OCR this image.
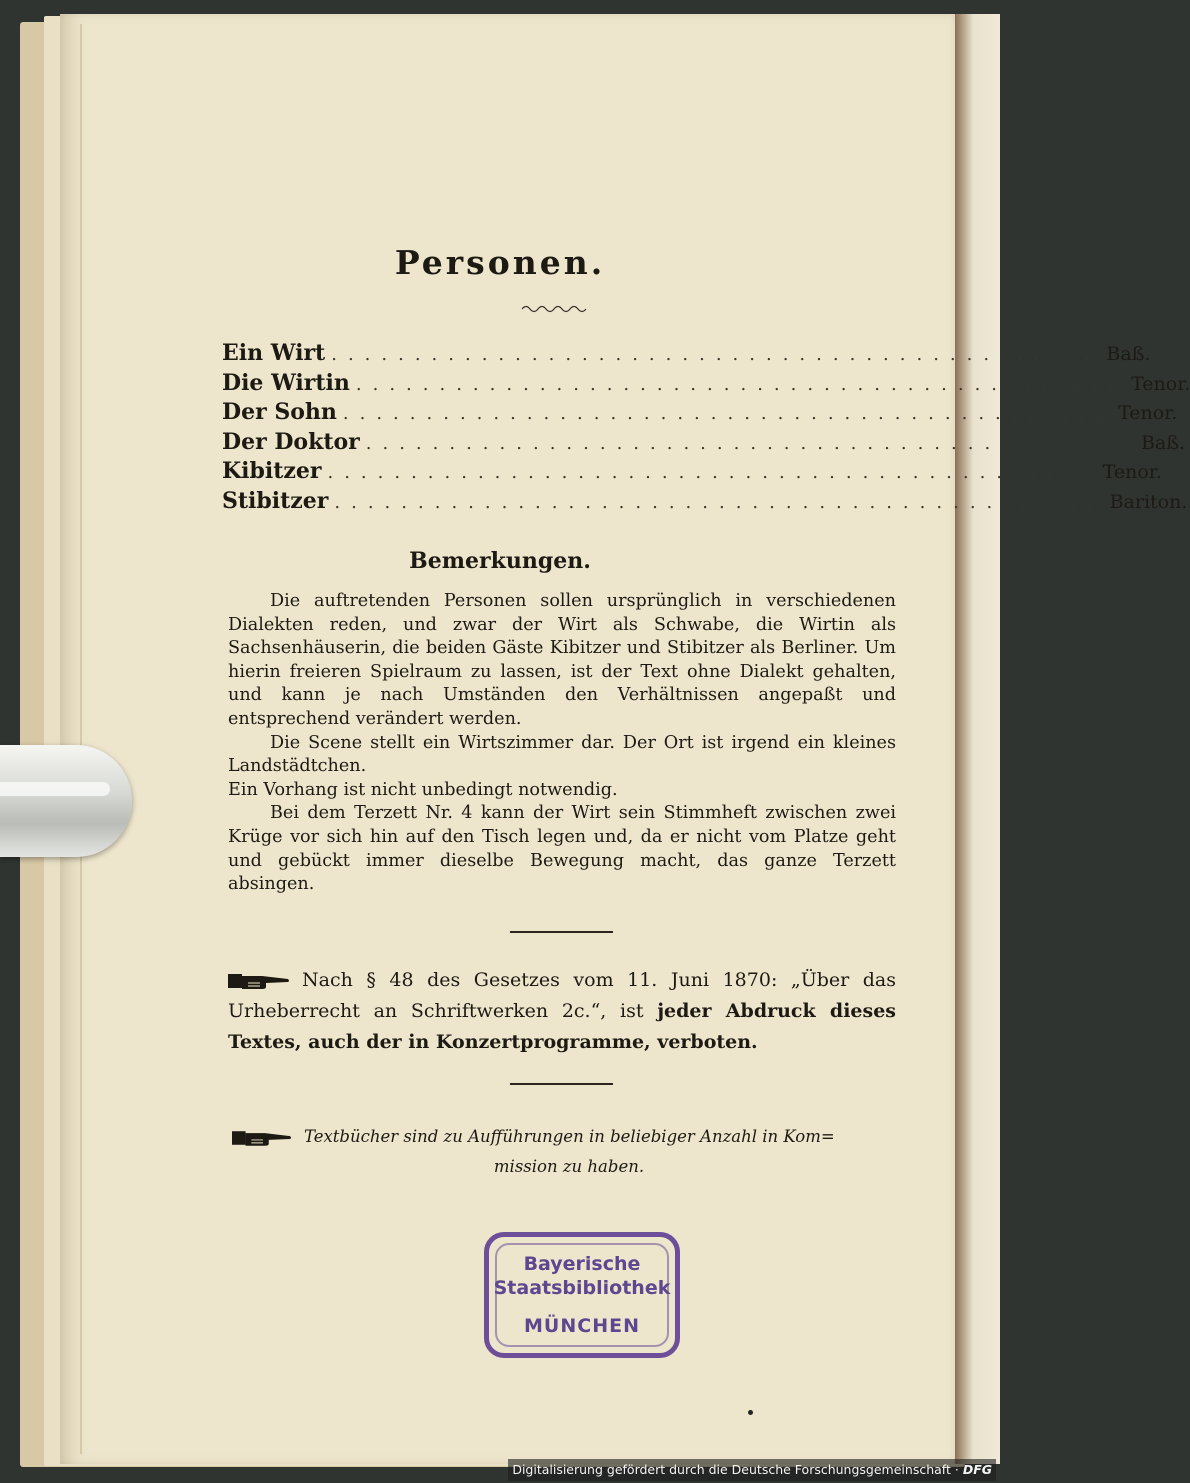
Personen.
Ein Wirt .............................................. Baß.
Die Wirtin .............................................. Tenor.
Der Sohn .............................................. Tenor.
Der Doktor .............................................. Baß.
Kibitzer .............................................. Tenor.
Stibitzer .............................................. Bariton.
Bemerkungen.

Die auftretenden Personen sollen ursprünglich in verschiedenen Dialekten reden, und zwar der Wirt als Schwabe, die Wirtin als Sachsenhäuserin, die beiden Gäste Kibitzer und Stibitzer als Berliner. Um hierin freieren Spielraum zu lassen, ist der Text ohne Dialekt gehalten, und kann je nach Umständen den Verhältnissen angepaßt und entsprechend verändert werden.

Die Scene stellt ein Wirtszimmer dar. Der Ort ist irgend ein kleines Landstädtchen.

Ein Vorhang ist nicht unbedingt notwendig.

Bei dem Terzett Nr. 4 kann der Wirt sein Stimmheft zwischen zwei Krüge vor sich hin auf den Tisch legen und, da er nicht vom Platze geht und gebückt immer dieselbe Bewegung macht, das ganze Terzett absingen.

Nach § 48 des Gesetzes vom 11. Juni 1870: „Über das Urheberrecht an Schriftwerken 2c.“, ist jeder Abdruck dieses Textes, auch der in Konzertprogramme, verboten.
Textbücher sind zu Aufführungen in beliebiger Anzahl in Kom=
mission zu haben.
Bayerische
Staatsbibliothek
MÜNCHEN
Digitalisierung gefördert durch die Deutsche Forschungsgemeinschaft · DFG
